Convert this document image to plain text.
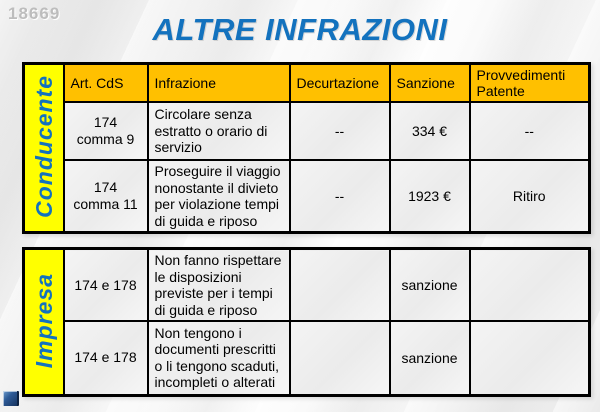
18669	ALTRE INFRAZIONI
Conducente	Art. CdS	Infrazione	Decurtazione	Sanzione	Provvedimenti Patente
	174 comma 9	Circolare senza estratto o orario di servizio	--	334 €	--
	174 comma 11	Proseguire il viaggio nonostante il divieto per violazione tempi di guida e riposo	--	1923 €	Ritiro
Impresa	174 e 178	Non fanno rispettare le disposizioni previste per i tempi di guida e riposo		sanzione	
	174 e 178	Non tengono i documenti prescritti o li tengono scaduti, incompleti o alterati		sanzione	
